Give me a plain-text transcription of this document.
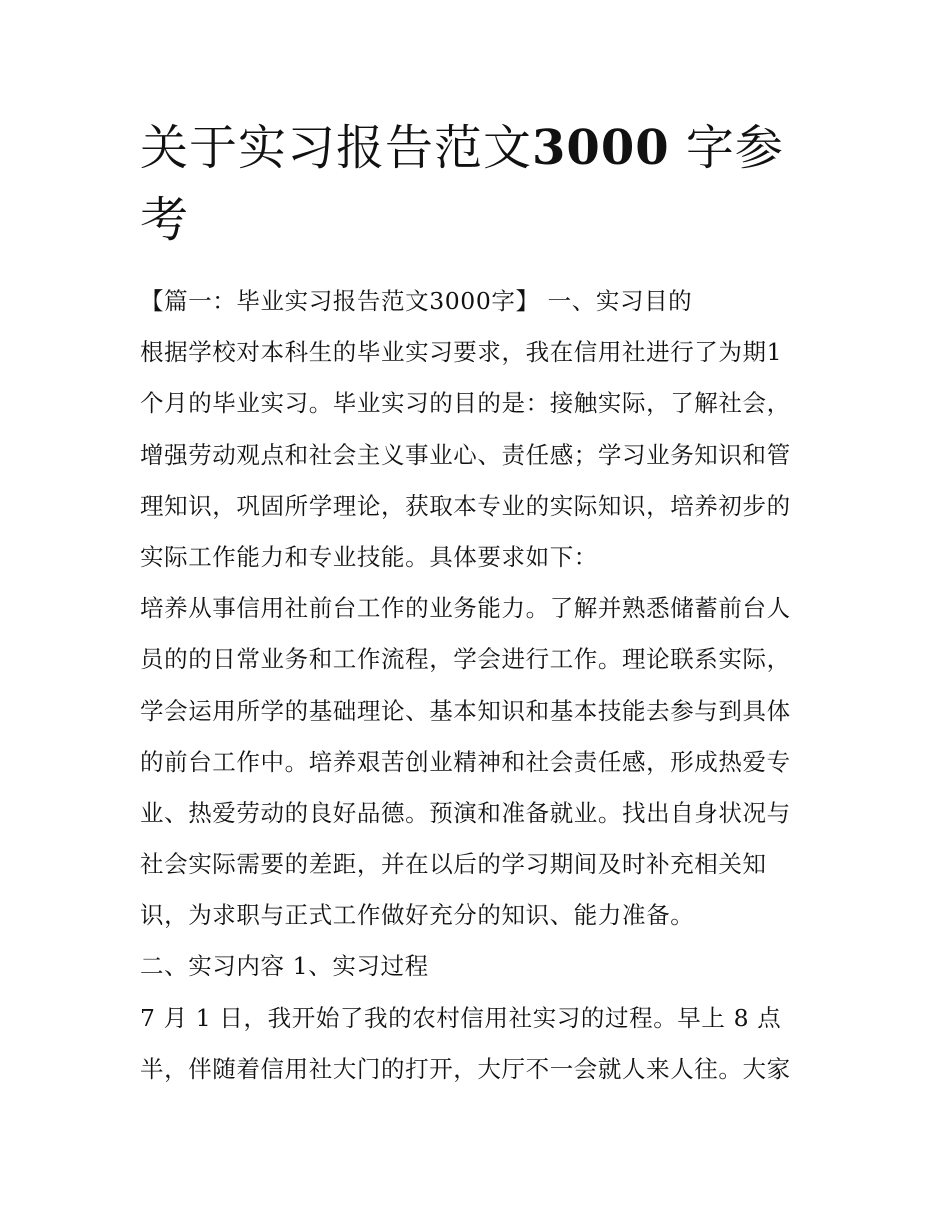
关于实习报告范文3000 字参
考
【篇一：毕业实习报告范文3000字】 一、实习目的
根据学校对本科生的毕业实习要求，我在信用社进行了为期1
个月的毕业实习。毕业实习的目的是：接触实际，了解社会，
增强劳动观点和社会主义事业心、责任感；学习业务知识和管
理知识，巩固所学理论，获取本专业的实际知识，培养初步的
实际工作能力和专业技能。具体要求如下：
培养从事信用社前台工作的业务能力。了解并熟悉储蓄前台人
员的的日常业务和工作流程，学会进行工作。理论联系实际，
学会运用所学的基础理论、基本知识和基本技能去参与到具体
的前台工作中。培养艰苦创业精神和社会责任感，形成热爱专
业、热爱劳动的良好品德。预演和准备就业。找出自身状况与
社会实际需要的差距，并在以后的学习期间及时补充相关知
识，为求职与正式工作做好充分的知识、能力准备。
二、实习内容 1、实习过程
7 月 1 日，我开始了我的农村信用社实习的过程。早上 8 点
半，伴随着信用社大门的打开，大厅不一会就人来人往。大家
